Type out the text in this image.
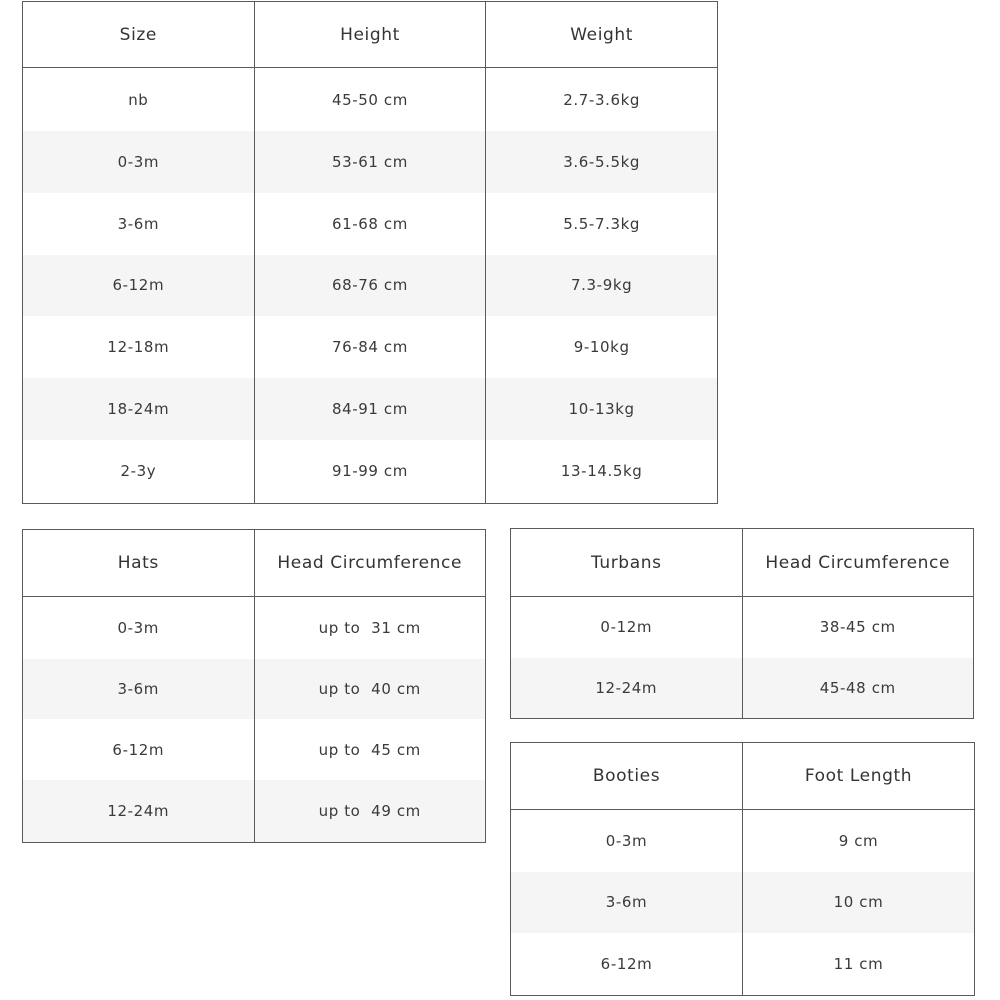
Size	Height	Weight
nb	45-50 cm	2.7-3.6kg
0-3m	53-61 cm	3.6-5.5kg
3-6m	61-68 cm	5.5-7.3kg
6-12m	68-76 cm	7.3-9kg
12-18m	76-84 cm	9-10kg
18-24m	84-91 cm	10-13kg
2-3y	91-99 cm	13-14.5kg
Hats	Head Circumference
0-3m	up to  31 cm
3-6m	up to  40 cm
6-12m	up to  45 cm
12-24m	up to  49 cm
Turbans	Head Circumference
0-12m	38-45 cm
12-24m	45-48 cm
Booties	Foot Length
0-3m	9 cm
3-6m	10 cm
6-12m	11 cm
